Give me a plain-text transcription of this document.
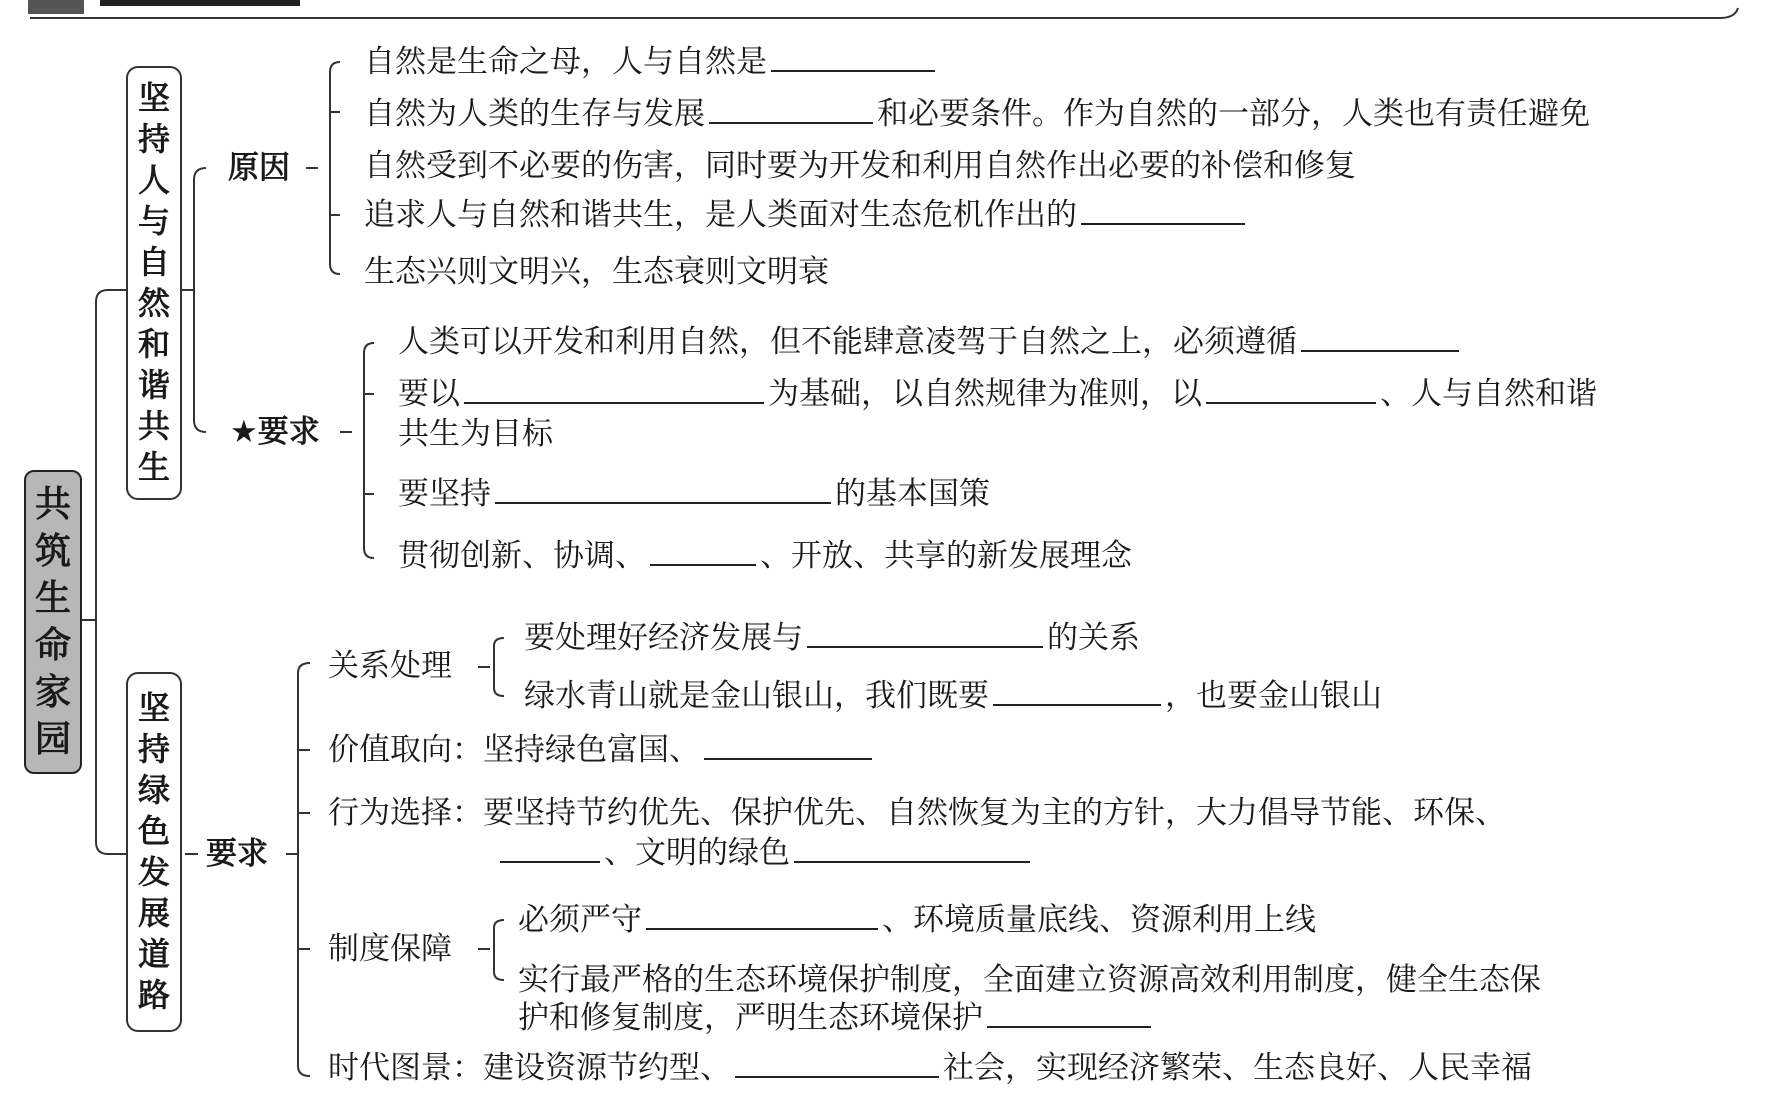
共
筑
生
命
家
园
坚
持
人
与
自
然
和
谐
共
生
坚
持
绿
色
发
展
道
路
原因
自然是生命之母，人与自然是
自然为人类的生存与发展	和必要条件。作为自然的一部分，人类也有责任避免
自然受到不必要的伤害，同时要为开发和利用自然作出必要的补偿和修复
追求人与自然和谐共生，是人类面对生态危机作出的
生态兴则文明兴，生态衰则文明衰
★要求
人类可以开发和利用自然，但不能肆意凌驾于自然之上，必须遵循
要以	为基础，以自然规律为准则，以	、人与自然和谐
共生为目标
要坚持	的基本国策
贯彻创新、协调、	、开放、共享的新发展理念
要求
关系处理
要处理好经济发展与	的关系
绿水青山就是金山银山，我们既要	，也要金山银山
价值取向：坚持绿色富国、
行为选择：要坚持节约优先、保护优先、自然恢复为主的方针，大力倡导节能、环保、
、文明的绿色
制度保障
必须严守	、环境质量底线、资源利用上线
实行最严格的生态环境保护制度，全面建立资源高效利用制度，健全生态保
护和修复制度，严明生态环境保护
时代图景：建设资源节约型、	社会，实现经济繁荣、生态良好、人民幸福
